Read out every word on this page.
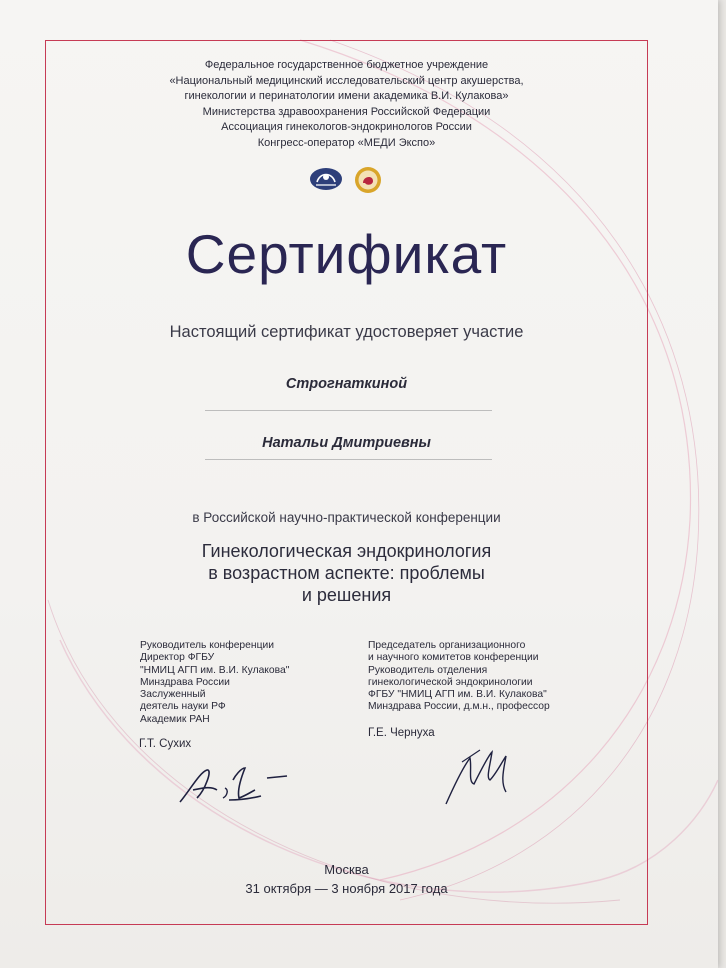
Федеральное государственное бюджетное учреждение
«Национальный медицинский исследовательский центр акушерства,
гинекологии и перинатологии имени академика В.И. Кулакова»
Министерства здравоохранения Российской Федерации
Ассоциация гинекологов-эндокринологов России
Конгресс-оператор «МЕДИ Экспо»
Сертификат
Настоящий сертификат удостоверяет участие
Строгнаткиной
Натальи Дмитриевны
в Российской научно-практической конференции
Гинекологическая эндокринология
в возрастном аспекте: проблемы
и решения
Руководитель конференции
Директор ФГБУ
"НМИЦ АГП им. В.И. Кулакова"
Минздрава России
Заслуженный
деятель науки РФ
Академик РАН
Г.Т. Сухих
Председатель организационного
и научного комитетов конференции
Руководитель отделения
гинекологической эндокринологии
ФГБУ "НМИЦ АГП им. В.И. Кулакова"
Минздрава России, д.м.н., профессор
Г.Е. Чернуха
Москва
31 октября — 3 ноября 2017 года
